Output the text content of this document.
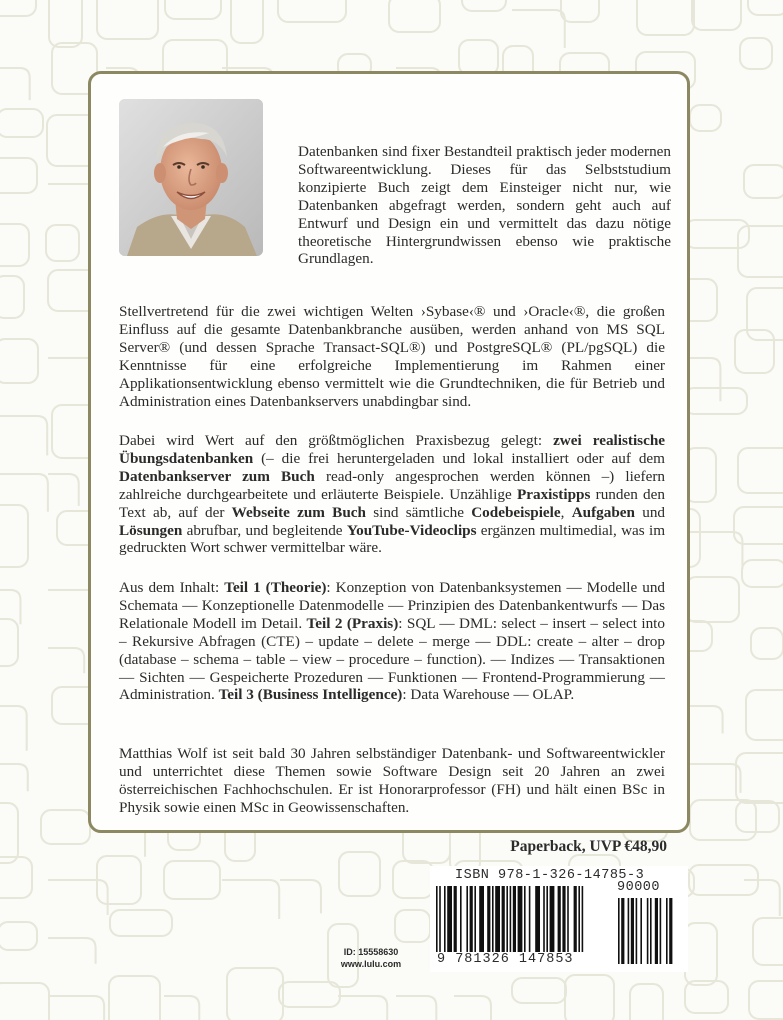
Datenbanken sind fixer Bestandteil praktisch jeder modernen Softwareentwicklung. Dieses für das Selbststudium konzipierte Buch zeigt dem Einsteiger nicht nur, wie Datenbanken abgefragt werden, sondern geht auch auf Entwurf und Design ein und vermittelt das dazu nötige theoretische Hintergrundwissen ebenso wie praktische Grundlagen.

Stellvertretend für die zwei wichtigen Welten ›Sybase‹® und ›Oracle‹®, die großen Einfluss auf die gesamte Datenbankbranche ausüben, werden anhand von MS SQL Server® (und dessen Sprache Transact-SQL®) und PostgreSQL® (PL/pgSQL) die Kenntnisse für eine erfolgreiche Implementierung im Rahmen einer Applikationsentwicklung ebenso vermittelt wie die Grundtechniken, die für Betrieb und Administration eines Datenbankservers unabdingbar sind.

Dabei wird Wert auf den größtmöglichen Praxisbezug gelegt: zwei realistische Übungsdatenbanken (– die frei heruntergeladen und lokal installiert oder auf dem Datenbankserver zum Buch read-only angesprochen werden können –) liefern zahlreiche durchgearbeitete und erläuterte Beispiele. Unzählige Praxistipps runden den Text ab, auf der Webseite zum Buch sind sämtliche Codebeispiele, Aufgaben und Lösungen abrufbar, und begleitende YouTube-Videoclips ergänzen multimedial, was im gedruckten Wort schwer vermittelbar wäre.

Aus dem Inhalt: Teil 1 (Theorie): Konzeption von Datenbanksystemen — Modelle und Schemata — Konzeptionelle Datenmodelle — Prinzipien des Datenbankentwurfs — Das Relationale Modell im Detail. Teil 2 (Praxis): SQL — DML: select – insert – select into – Rekursive Abfragen (CTE) – update – delete – merge — DDL: create – alter – drop (database – schema – table – view – procedure – function). — Indizes — Transaktionen — Sichten — Gespeicherte Prozeduren — Funktionen — Frontend-Programmierung — Administration. Teil 3 (Business Intelligence): Data Warehouse — OLAP.

Matthias Wolf ist seit bald 30 Jahren selbständiger Datenbank- und Softwareentwickler und unterrichtet diese Themen sowie Software Design seit 20 Jahren an zwei österreichischen Fachhochschulen. Er ist Honorarprofessor (FH) und hält einen BSc in Physik sowie einen MSc in Geowissenschaften.

Paperback, UVP €48,90
ID: 15558630
www.lulu.com
ISBN 978-1-326-14785-3
90000
9 781326 147853
